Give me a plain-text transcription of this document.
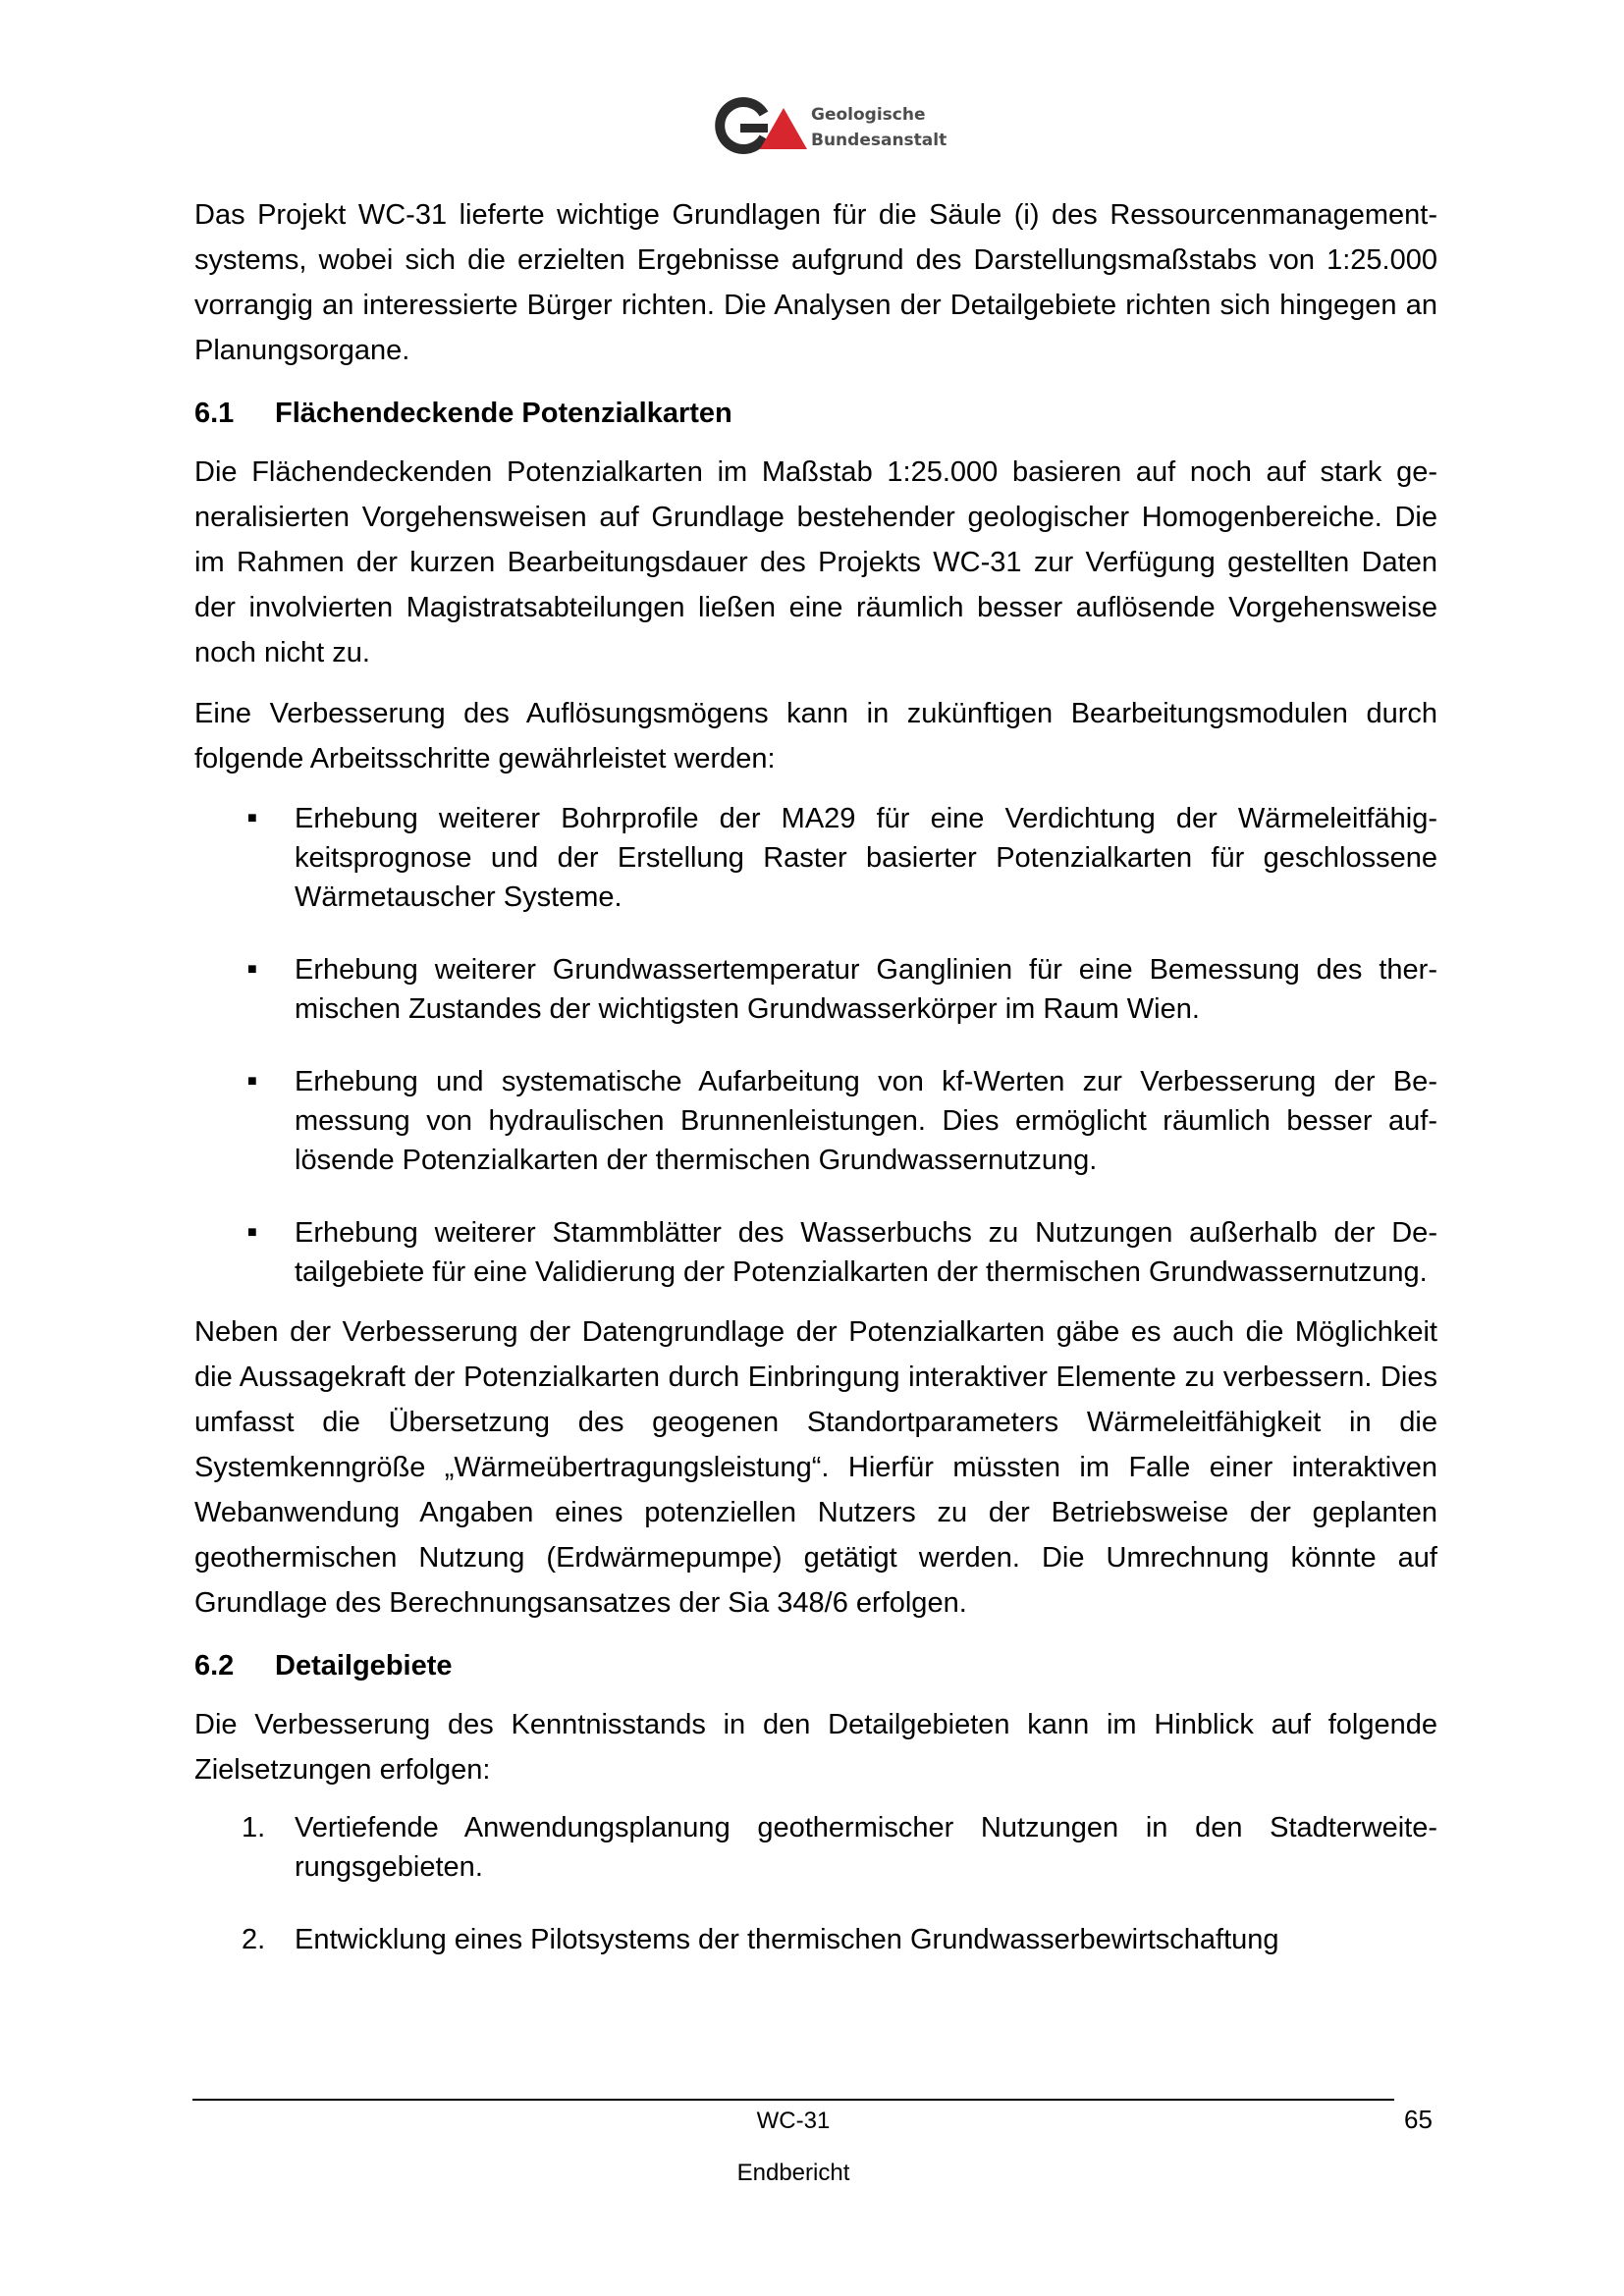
Geologische
Bundesanstalt

Das Projekt WC-31 lieferte wichtige Grundlagen für die Säule (i) des Ressourcenmanagementsystems, wobei sich die erzielten Ergebnisse aufgrund des Darstellungsmaßstabs von 1:25.000 vorrangig an interessierte Bürger richten. Die Analysen der Detailgebiete richten sich hingegen an Planungsorgane.

6.1	Flächendeckende Potenzialkarten

Die Flächendeckenden Potenzialkarten im Maßstab 1:25.000 basieren auf noch auf stark generalisierten Vorgehensweisen auf Grundlage bestehender geologischer Homogenbereiche. Die im Rahmen der kurzen Bearbeitungsdauer des Projekts WC-31 zur Verfügung gestellten Daten der involvierten Magistratsabteilungen ließen eine räumlich besser auflösende Vorgehensweise noch nicht zu.

Eine Verbesserung des Auflösungsmögens kann in zukünftigen Bearbeitungsmodulen durch folgende Arbeitsschritte gewährleistet werden:

■	Erhebung weiterer Bohrprofile der MA29 für eine Verdichtung der Wärmeleitfähigkeitsprognose und der Erstellung Raster basierter Potenzialkarten für geschlossene Wärmetauscher Systeme.
■	Erhebung weiterer Grundwassertemperatur Ganglinien für eine Bemessung des thermischen Zustandes der wichtigsten Grundwasserkörper im Raum Wien.
■	Erhebung und systematische Aufarbeitung von kf-Werten zur Verbesserung der Bemessung von hydraulischen Brunnenleistungen. Dies ermöglicht räumlich besser auflösende Potenzialkarten der thermischen Grundwassernutzung.
■	Erhebung weiterer Stammblätter des Wasserbuchs zu Nutzungen außerhalb der Detailgebiete für eine Validierung der Potenzialkarten der thermischen Grundwassernutzung.

Neben der Verbesserung der Datengrundlage der Potenzialkarten gäbe es auch die Möglichkeit die Aussagekraft der Potenzialkarten durch Einbringung interaktiver Elemente zu verbessern. Dies umfasst die Übersetzung des geogenen Standortparameters Wärmeleitfähigkeit in die Systemkenngröße „Wärmeübertragungsleistung“. Hierfür müssten im Falle einer interaktiven Webanwendung Angaben eines potenziellen Nutzers zu der Betriebsweise der geplanten geothermischen Nutzung (Erdwärmepumpe) getätigt werden. Die Umrechnung könnte auf Grundlage des Berechnungsansatzes der Sia 348/6 erfolgen.

6.2	Detailgebiete

Die Verbesserung des Kenntnisstands in den Detailgebieten kann im Hinblick auf folgende Zielsetzungen erfolgen:

1.	Vertiefende Anwendungsplanung geothermischer Nutzungen in den Stadterweiterungsgebieten.
2.	Entwicklung eines Pilotsystems der thermischen Grundwasserbewirtschaftung
WC-31
Endbericht
65
